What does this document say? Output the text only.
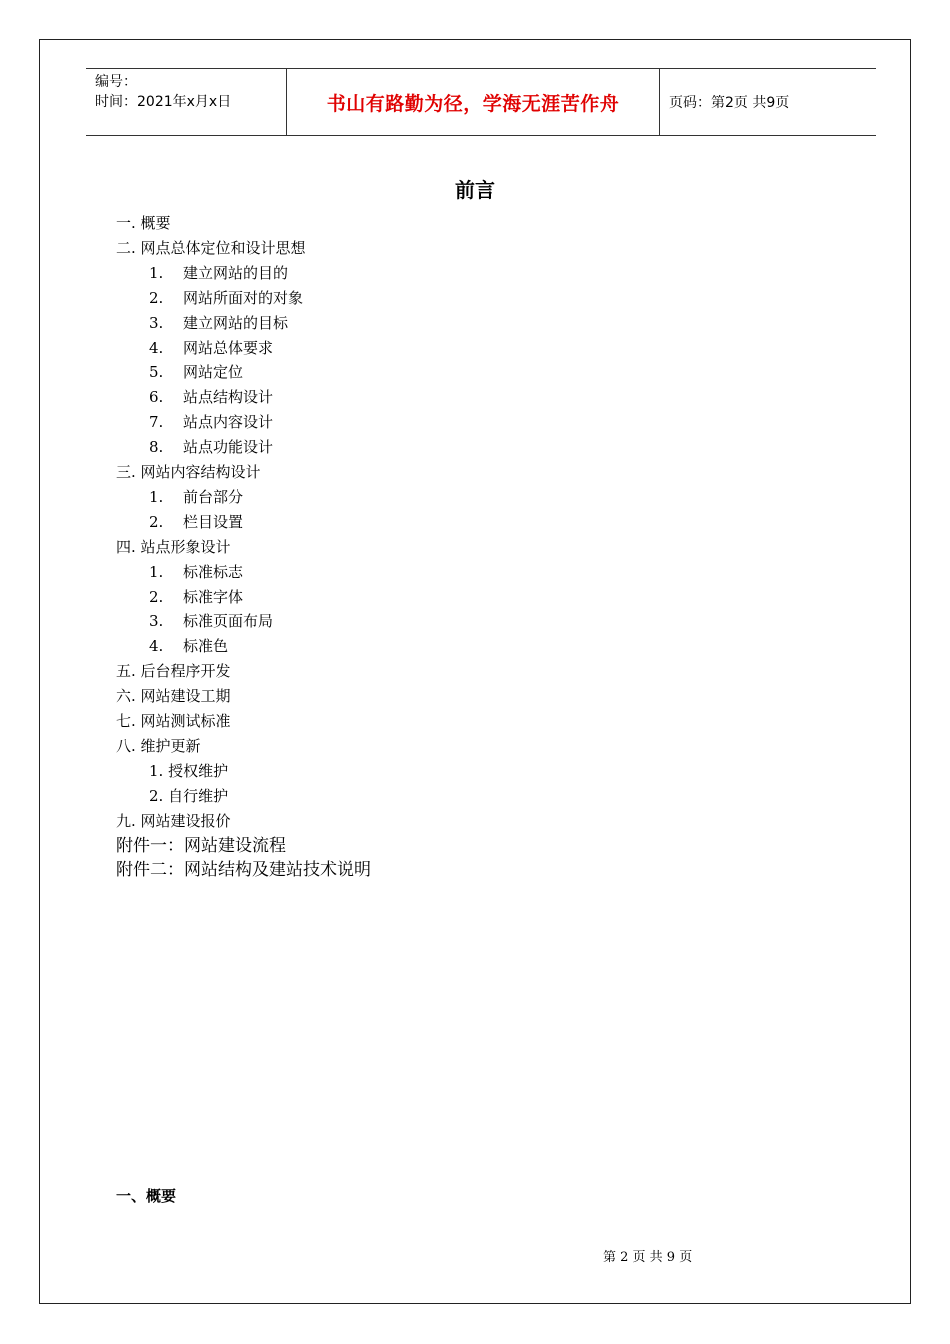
编号：
时间：2021年x月x日	书山有路勤为径，学海无涯苦作舟	页码：第2页 共9页
前言
一. 概要
二. 网点总体定位和设计思想
1. 建立网站的目的
2. 网站所面对的对象
3. 建立网站的目标
4. 网站总体要求
5. 网站定位
6. 站点结构设计
7. 站点内容设计
8. 站点功能设计
三. 网站内容结构设计
1. 前台部分
2. 栏目设置
四. 站点形象设计
1. 标准标志
2. 标准字体
3. 标准页面布局
4. 标准色
五. 后台程序开发
六. 网站建设工期
七. 网站测试标准
八. 维护更新
1. 授权维护
2. 自行维护
九. 网站建设报价
附件一：网站建设流程
附件二：网站结构及建站技术说明
一、概要
第 2 页 共 9 页
